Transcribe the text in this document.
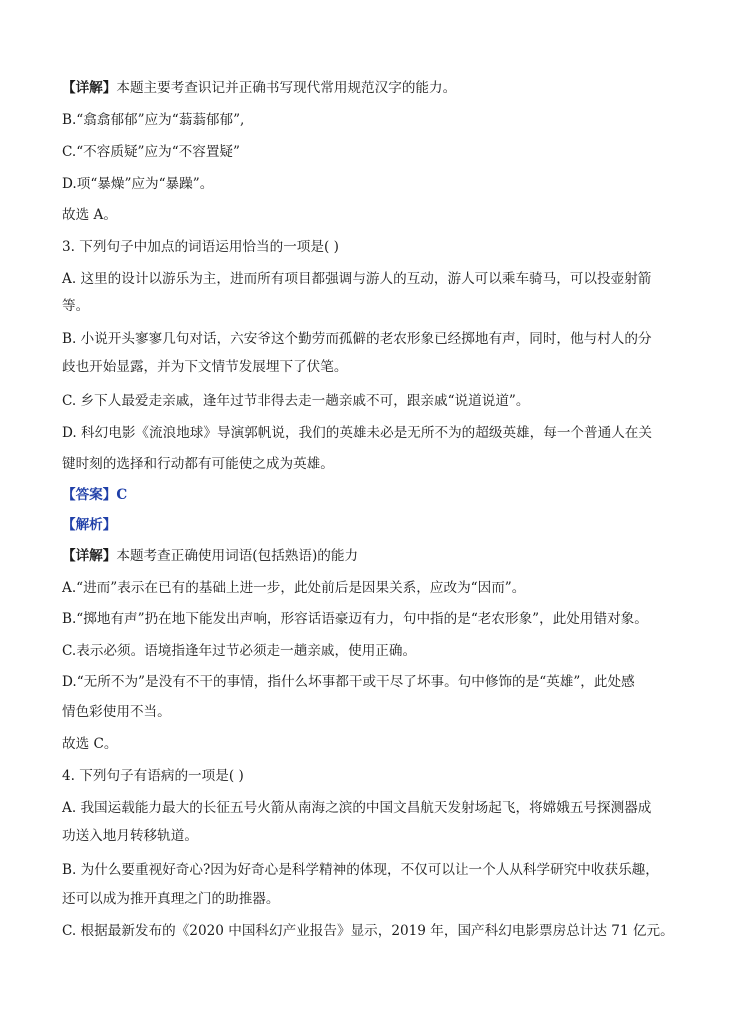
【详解】本题主要考查识记并正确书写现代常用规范汉字的能力。
B.“翕翕郁郁”应为“蓊蓊郁郁”,
C.“不容质疑”应为“不容置疑”
D.项“暴燥”应为“暴躁”。
故选 A。
3. 下列句子中加点的词语运用恰当的一项是( )
A. 这里的设计以游乐为主，进而所有项目都强调与游人的互动，游人可以乘车骑马，可以投壶射箭
等。
B. 小说开头寥寥几句对话，六安爷这个勤劳而孤僻的老农形象已经掷地有声，同时，他与村人的分
歧也开始显露，并为下文情节发展埋下了伏笔。
C. 乡下人最爱走亲戚，逢年过节非得去走一趟亲戚不可，跟亲戚“说道说道”。
D. 科幻电影《流浪地球》导演郭帆说，我们的英雄未必是无所不为的超级英雄，每一个普通人在关
键时刻的选择和行动都有可能使之成为英雄。
【答案】C
【解析】
【详解】本题考查正确使用词语(包括熟语)的能力
A.“进而”表示在已有的基础上进一步，此处前后是因果关系，应改为“因而”。
B.“掷地有声”扔在地下能发出声响，形容话语豪迈有力，句中指的是“老农形象”，此处用错对象。
C.表示必须。语境指逢年过节必须走一趟亲戚，使用正确。
D.“无所不为”是没有不干的事情，指什么坏事都干或干尽了坏事。句中修饰的是“英雄”，此处感
情色彩使用不当。
故选 C。
4. 下列句子有语病的一项是( )
A. 我国运载能力最大的长征五号火箭从南海之滨的中国文昌航天发射场起飞，将嫦娥五号探测器成
功送入地月转移轨道。
B. 为什么要重视好奇心?因为好奇心是科学精神的体现，不仅可以让一个人从科学研究中收获乐趣，
还可以成为推开真理之门的助推器。
C. 根据最新发布的《2020 中国科幻产业报告》显示，2019 年，国产科幻电影票房总计达 71 亿元。
